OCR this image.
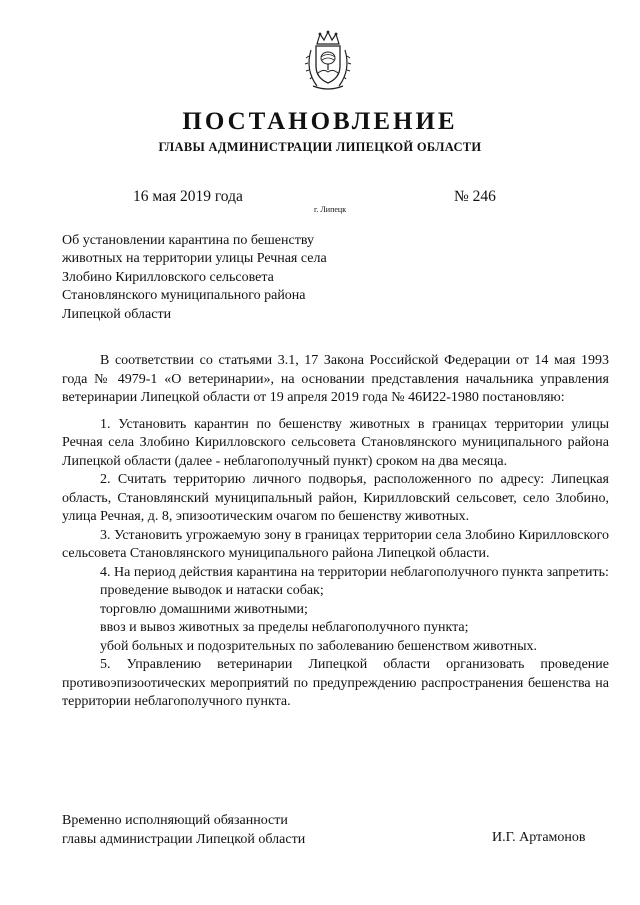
ПОСТАНОВЛЕНИЕ
ГЛАВЫ АДМИНИСТРАЦИИ ЛИПЕЦКОЙ ОБЛАСТИ
16 мая 2019 года
г. Липецк
№ 246
Об установлении карантина по бешенству
животных на территории улицы Речная села
Злобино Кирилловского сельсовета
Становлянского муниципального района
Липецкой области

В соответствии со статьями 3.1, 17 Закона Российской Федерации от 14 мая 1993 года № 4979-1 «О ветеринарии», на основании представления начальника управления ветеринарии Липецкой области от 19 апреля 2019 года № 46И22-1980 постановляю:

1. Установить карантин по бешенству животных в границах территории улицы Речная села Злобино Кирилловского сельсовета Становлянского муниципального района Липецкой области (далее - неблагополучный пункт) сроком на два месяца.

2. Считать территорию личного подворья, расположенного по адресу: Липецкая область, Становлянский муниципальный район, Кирилловский сельсовет, село Злобино, улица Речная, д. 8, эпизоотическим очагом по бешенству животных.

3. Установить угрожаемую зону в границах территории села Злобино Кирилловского сельсовета Становлянского муниципального района Липецкой области.

4. На период действия карантина на территории неблагополучного пункта запретить:

проведение выводок и натаски собак;

торговлю домашними животными;

ввоз и вывоз животных за пределы неблагополучного пункта;

убой больных и подозрительных по заболеванию бешенством животных.

5. Управлению ветеринарии Липецкой области организовать проведение противоэпизоотических мероприятий по предупреждению распространения бешенства на территории неблагополучного пункта.

Временно исполняющий обязанности
главы администрации Липецкой области	И.Г. Артамонов
